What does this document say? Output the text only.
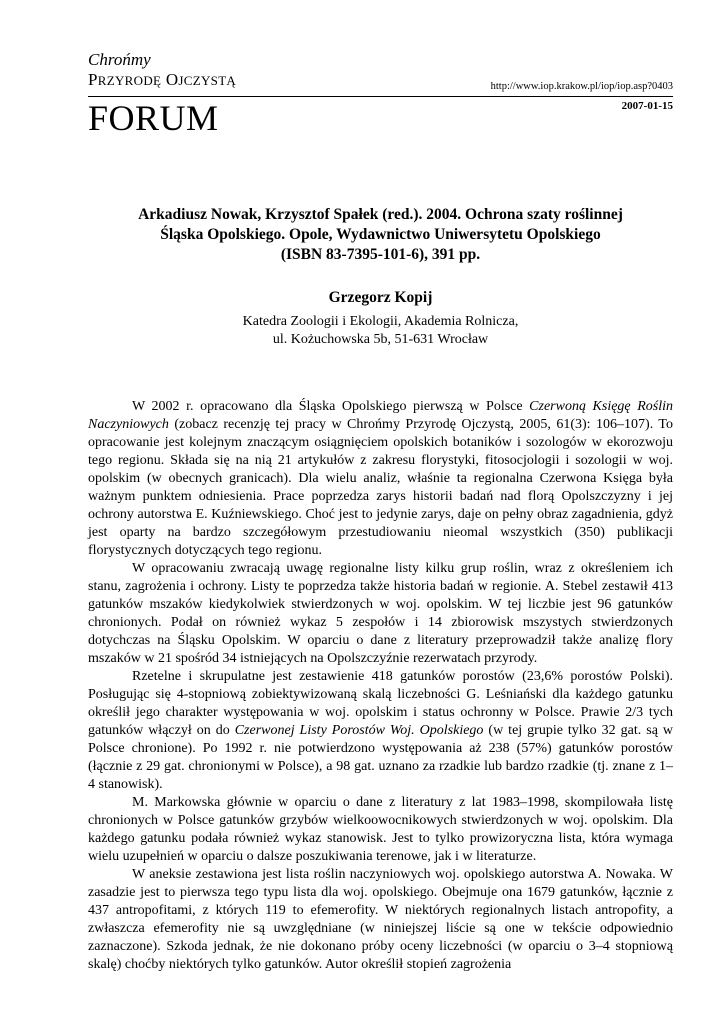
Chrońmy
PRZYRODĘ OJCZYSTĄ	http://www.iop.krakow.pl/iop/iop.asp?0403
FORUM	2007-01-15
Arkadiusz Nowak, Krzysztof Spałek (red.). 2004. Ochrona szaty roślinnej
Śląska Opolskiego. Opole, Wydawnictwo Uniwersytetu Opolskiego
(ISBN 83-7395-101-6), 391 pp.
Grzegorz Kopij
Katedra Zoologii i Ekologii, Akademia Rolnicza,
ul. Kożuchowska 5b, 51-631 Wrocław

W 2002 r. opracowano dla Śląska Opolskiego pierwszą w Polsce Czerwoną Księgę Roślin Naczyniowych (zobacz recenzję tej pracy w Chrońmy Przyrodę Ojczystą, 2005, 61(3): 106–107). To opracowanie jest kolejnym znaczącym osiągnięciem opolskich botaników i sozologów w ekorozwoju tego regionu. Składa się na nią 21 artykułów z zakresu florystyki, fitosocjologii i sozologii w woj. opolskim (w obecnych granicach). Dla wielu analiz, właśnie ta regionalna Czerwona Księga była ważnym punktem odniesienia. Prace poprzedza zarys historii badań nad florą Opolszczyzny i jej ochrony autorstwa E. Kuźniewskiego. Choć jest to jedynie zarys, daje on pełny obraz zagadnienia, gdyż jest oparty na bardzo szczegółowym przestudiowaniu nieomal wszystkich (350) publikacji florystycznych dotyczących tego regionu.

W opracowaniu zwracają uwagę regionalne listy kilku grup roślin, wraz z określeniem ich stanu, zagrożenia i ochrony. Listy te poprzedza także historia badań w regionie. A. Stebel zestawił 413 gatunków mszaków kiedykolwiek stwierdzonych w woj. opolskim. W tej liczbie jest 96 gatunków chronionych. Podał on również wykaz 5 zespołów i 14 zbiorowisk mszystych stwierdzonych dotychczas na Śląsku Opolskim. W oparciu o dane z literatury przeprowadził także analizę flory mszaków w 21 spośród 34 istniejących na Opolszczyźnie rezerwatach przyrody.

Rzetelne i skrupulatne jest zestawienie 418 gatunków porostów (23,6% porostów Polski). Posługując się 4-stopniową zobiektywizowaną skalą liczebności G. Leśniański dla każdego gatunku określił jego charakter występowania w woj. opolskim i status ochronny w Polsce. Prawie 2/3 tych gatunków włączył on do Czerwonej Listy Porostów Woj. Opolskiego (w tej grupie tylko 32 gat. są w Polsce chronione). Po 1992 r. nie potwierdzono występowania aż 238 (57%) gatunków porostów (łącznie z 29 gat. chronionymi w Polsce), a 98 gat. uznano za rzadkie lub bardzo rzadkie (tj. znane z 1–4 stanowisk).

M. Markowska głównie w oparciu o dane z literatury z lat 1983–1998, skompilowała listę chronionych w Polsce gatunków grzybów wielkoowocnikowych stwierdzonych w woj. opolskim. Dla każdego gatunku podała również wykaz stanowisk. Jest to tylko prowizoryczna lista, która wymaga wielu uzupełnień w oparciu o dalsze poszukiwania terenowe, jak i w literaturze.

W aneksie zestawiona jest lista roślin naczyniowych woj. opolskiego autorstwa A. Nowaka. W zasadzie jest to pierwsza tego typu lista dla woj. opolskiego. Obejmuje ona 1679 gatunków, łącznie z 437 antropofitami, z których 119 to efemerofity. W niektórych regionalnych listach antropofity, a zwłaszcza efemerofity nie są uwzględniane (w niniejszej liście są one w tekście odpowiednio zaznaczone). Szkoda jednak, że nie dokonano próby oceny liczebności (w oparciu o 3–4 stopniową skalę) choćby niektórych tylko gatunków. Autor określił stopień zagrożenia
